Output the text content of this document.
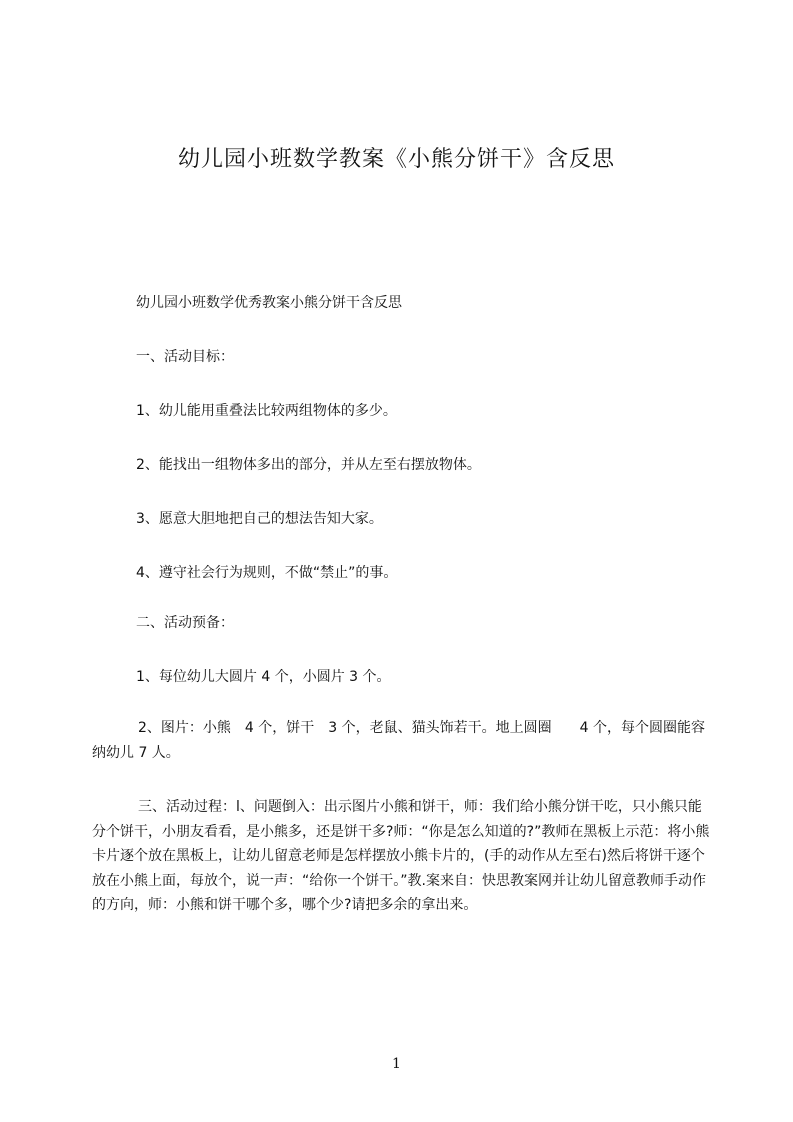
幼儿园小班数学教案《小熊分饼干》含反思

幼儿园小班数学优秀教案小熊分饼干含反思

一、活动目标：

1、幼儿能用重叠法比较两组物体的多少。

2、能找出一组物体多出的部分，并从左至右摆放物体。

3、愿意大胆地把自己的想法告知大家。

4、遵守社会行为规则，不做“禁止”的事。

二、活动预备：

1、每位幼儿大圆片 4 个，小圆片 3 个。

2、图片：小熊　4 个，饼干　3 个，老鼠、猫头饰若干。地上圆圈　　4 个，每个圆圈能容纳幼儿 7 人。

三、活动过程：l、问题倒入：出示图片小熊和饼干，师：我们给小熊分饼干吃，只小熊只能分个饼干，小朋友看看，是小熊多，还是饼干多?师：“你是怎么知道的?”教师在黑板上示范：将小熊卡片逐个放在黑板上，让幼儿留意老师是怎样摆放小熊卡片的，(手的动作从左至右)然后将饼干逐个放在小熊上面，每放个，说一声：“给你一个饼干。”教.案来自：快思教案网并让幼儿留意教师手动作的方向，师：小熊和饼干哪个多，哪个少?请把多余的拿出来。

1
